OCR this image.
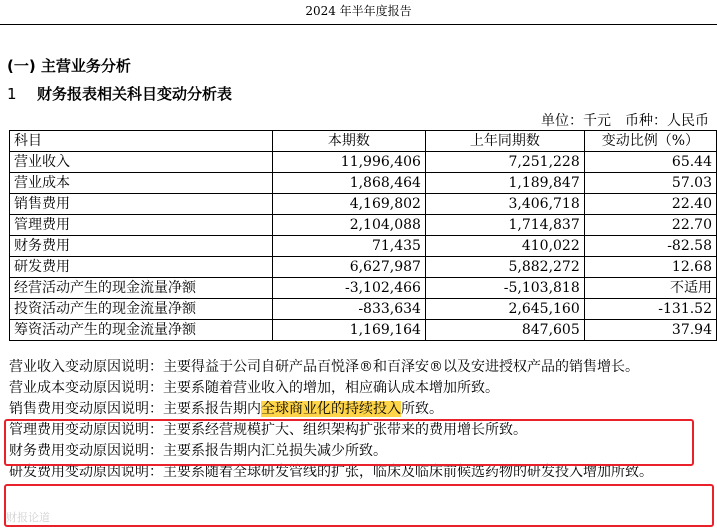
2024 年半年度报告
(一) 主营业务分析
1 财务报表相关科目变动分析表
单位：千元 币种：人民币
科目	本期数	上年同期数	变动比例（%）
营业收入	11,996,406	7,251,228	65.44
营业成本	1,868,464	1,189,847	57.03
销售费用	4,169,802	3,406,718	22.40
管理费用	2,104,088	1,714,837	22.70
财务费用	71,435	410,022	-82.58
研发费用	6,627,987	5,882,272	12.68
经营活动产生的现金流量净额	-3,102,466	-5,103,818	不适用
投资活动产生的现金流量净额	-833,634	2,645,160	-131.52
筹资活动产生的现金流量净额	1,169,164	847,605	37.94

营业收入变动原因说明：主要得益于公司自研产品百悦泽®和百泽安®以及安进授权产品的销售增长。

营业成本变动原因说明：主要系随着营业收入的增加，相应确认成本增加所致。

销售费用变动原因说明：主要系报告期内全球商业化的持续投入所致。

管理费用变动原因说明：主要系经营规模扩大、组织架构扩张带来的费用增长所致。

财务费用变动原因说明：主要系报告期内汇兑损失减少所致。

研发费用变动原因说明：主要系随着全球研发管线的扩张，临床及临床前候选药物的研发投入增加所致。

财报论道
